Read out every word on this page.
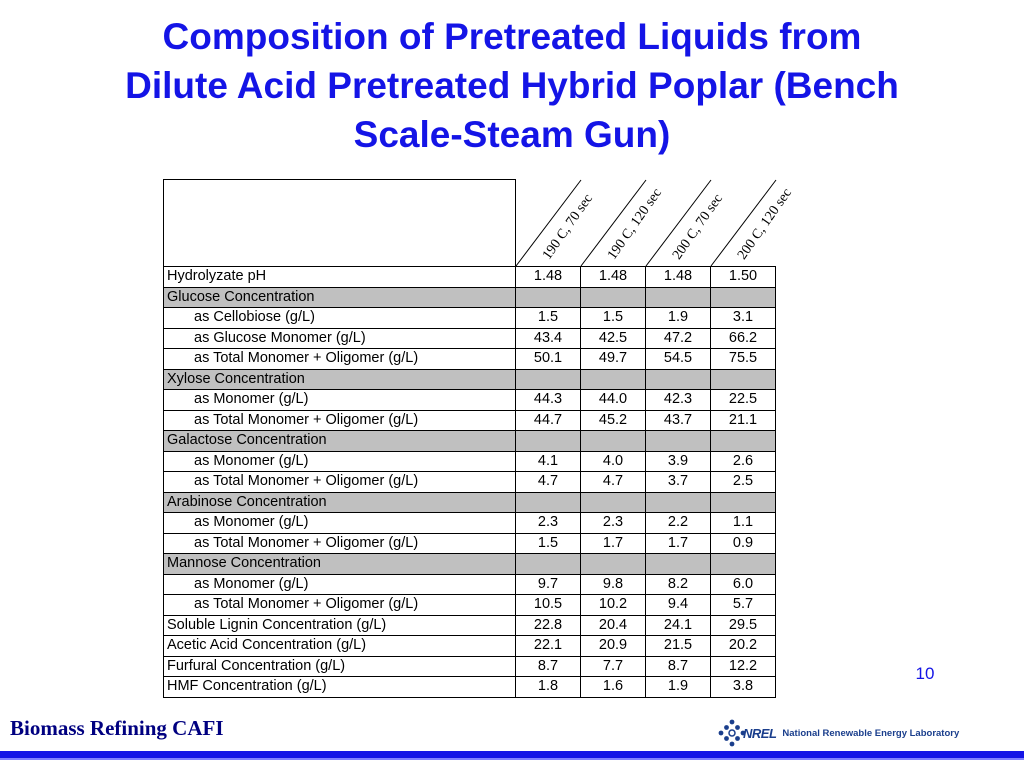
Composition of Pretreated Liquids from
Dilute Acid Pretreated Hybrid Poplar (Bench
Scale-Steam Gun)

	190 C, 70 sec	190 C, 120 sec	200 C, 70 sec	200 C, 120 sec

Hydrolyzate pH	1.48	1.48	1.48	1.50
Glucose Concentration				
as Cellobiose (g/L)	1.5	1.5	1.9	3.1
as Glucose Monomer (g/L)	43.4	42.5	47.2	66.2
as Total Monomer + Oligomer (g/L)	50.1	49.7	54.5	75.5
Xylose Concentration				
as Monomer (g/L)	44.3	44.0	42.3	22.5
as Total Monomer + Oligomer (g/L)	44.7	45.2	43.7	21.1
Galactose Concentration				
as Monomer (g/L)	4.1	4.0	3.9	2.6
as Total Monomer + Oligomer (g/L)	4.7	4.7	3.7	2.5
Arabinose Concentration				
as Monomer (g/L)	2.3	2.3	2.2	1.1
as Total Monomer + Oligomer (g/L)	1.5	1.7	1.7	0.9
Mannose Concentration				
as Monomer (g/L)	9.7	9.8	8.2	6.0
as Total Monomer + Oligomer (g/L)	10.5	10.2	9.4	5.7
Soluble Lignin Concentration (g/L)	22.8	20.4	24.1	29.5
Acetic Acid Concentration (g/L)	22.1	20.9	21.5	20.2
Furfural Concentration (g/L)	8.7	7.7	8.7	12.2
HMF Concentration (g/L)	1.8	1.6	1.9	3.8
10
Biomass Refining CAFI	NREL National Renewable Energy Laboratory
